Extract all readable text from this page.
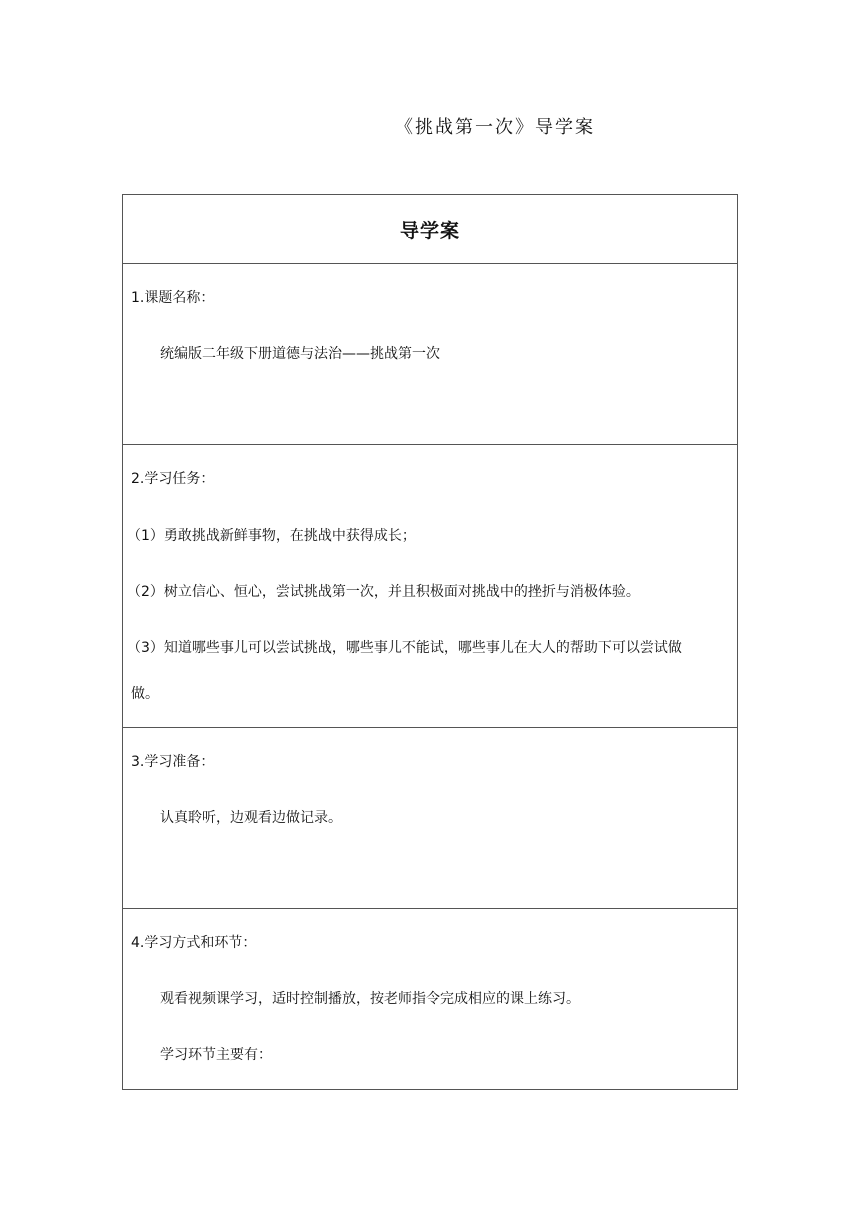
《挑战第一次》导学案
导学案
1.课题名称：
统编版二年级下册道德与法治——挑战第一次
2.学习任务：
（1）勇敢挑战新鲜事物，在挑战中获得成长；
（2）树立信心、恒心，尝试挑战第一次，并且积极面对挑战中的挫折与消极体验。
（3）知道哪些事儿可以尝试挑战，哪些事儿不能试，哪些事儿在大人的帮助下可以尝试做
做。
3.学习准备：
认真聆听，边观看边做记录。
4.学习方式和环节：
观看视频课学习，适时控制播放，按老师指令完成相应的课上练习。
学习环节主要有：
